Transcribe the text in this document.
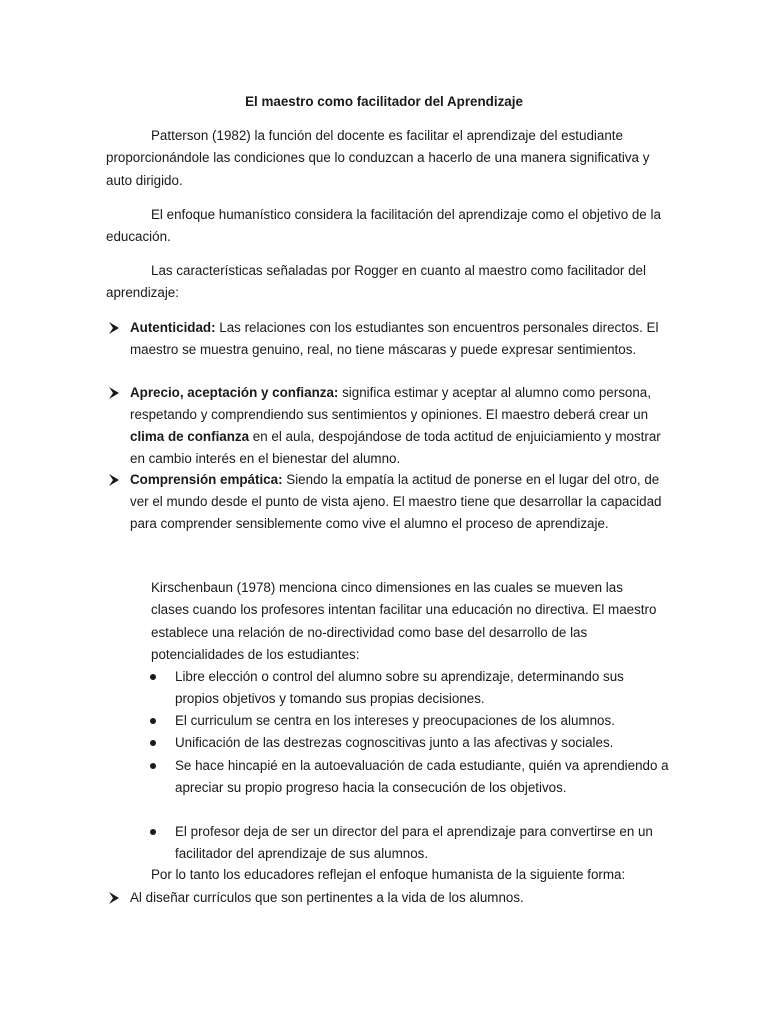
El maestro como facilitador del Aprendizaje

Patterson (1982) la función del docente es facilitar el aprendizaje del estudiante proporcionándole las condiciones que lo conduzcan a hacerlo de una manera significativa y auto dirigido.

El enfoque humanístico considera la facilitación del aprendizaje como el objetivo de la educación.

Las características señaladas por Rogger en cuanto al maestro como facilitador del aprendizaje:

Autenticidad: Las relaciones con los estudiantes son encuentros personales directos. El maestro se muestra genuino, real, no tiene máscaras y puede expresar sentimientos.
Aprecio, aceptación y confianza: significa estimar y aceptar al alumno como persona, respetando y comprendiendo sus sentimientos y opiniones. El maestro deberá crear un clima de confianza en el aula, despojándose de toda actitud de enjuiciamiento y mostrar en cambio interés en el bienestar del alumno.
Comprensión empática: Siendo la empatía la actitud de ponerse en el lugar del otro, de ver el mundo desde el punto de vista ajeno. El maestro tiene que desarrollar la capacidad para comprender sensiblemente como vive el alumno el proceso de aprendizaje.

Kirschenbaun (1978) menciona cinco dimensiones en las cuales se mueven las clases cuando los profesores intentan facilitar una educación no directiva. El maestro establece una relación de no-directividad como base del desarrollo de las potencialidades de los estudiantes:

Libre elección o control del alumno sobre su aprendizaje, determinando sus propios objetivos y tomando sus propias decisiones.
El curriculum se centra en los intereses y preocupaciones de los alumnos.
Unificación de las destrezas cognoscitivas junto a las afectivas y sociales.
Se hace hincapié en la autoevaluación de cada estudiante, quién va aprendiendo a apreciar su propio progreso hacia la consecución de los objetivos.
El profesor deja de ser un director del para el aprendizaje para convertirse en un facilitador del aprendizaje de sus alumnos.

Por lo tanto los educadores reflejan el enfoque humanista de la siguiente forma:

Al diseñar currículos que son pertinentes a la vida de los alumnos.
